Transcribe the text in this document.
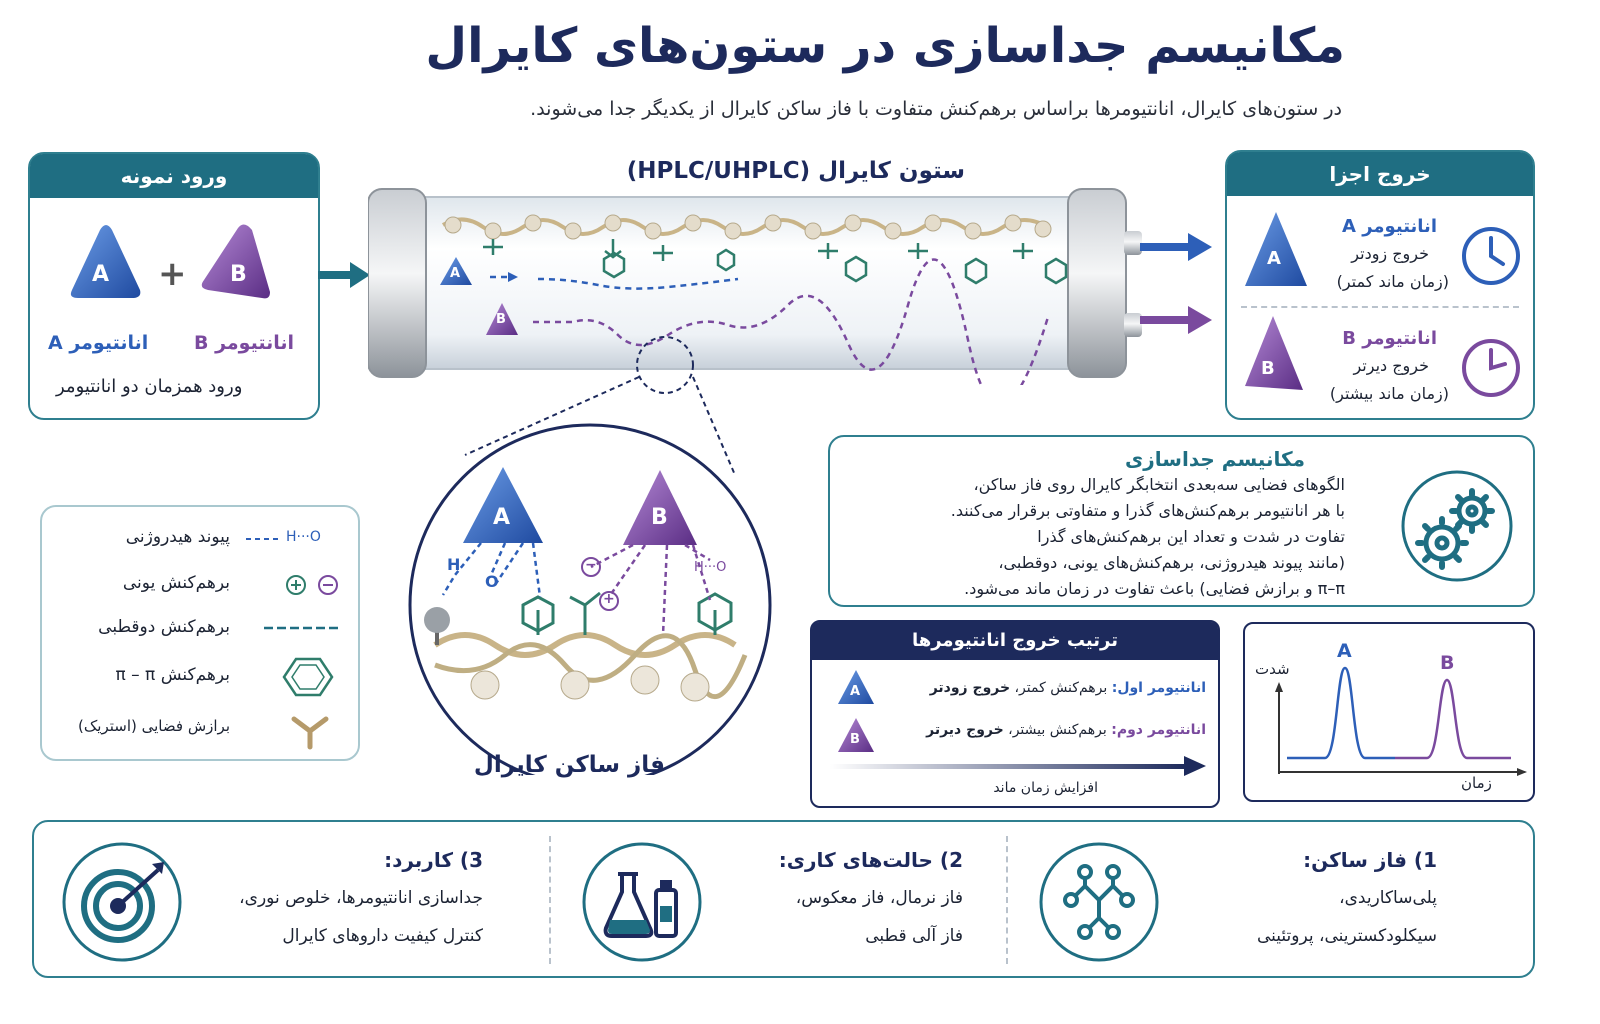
مکانیسم جداسازی در ستون‌های کایرال
در ستون‌های کایرال، انانتیومرها براساس برهم‌کنش متفاوت با فاز ساکن کایرال از یکدیگر جدا می‌شوند.
ورود نمونه
A	B
+
انانتیومر A انانتیومر B
ورود همزمان دو انانتیومر
ستون کایرال (HPLC/UHPLC)
A
B
خروج اجزا
A
B
انانتیومر A
خروج زودتر
(زمان ماند کمتر)
انانتیومر B
خروج دیرتر
(زمان ماند بیشتر)
A	B
H
O
−
+
H···O
فاز ساکن کایرال
پیوند هیدروژنی	H···O
برهم‌کنش یونی
برهم‌کنش دوقطبی
برهم‌کنش π – π
برازش فضایی (استریک)
مکانیسم جداسازی
الگوهای فضایی سه‌بعدی انتخابگر کایرال روی فاز ساکن،
با هر انانتیومر برهم‌کنش‌های گذرا و متفاوتی برقرار می‌کنند.
تفاوت در شدت و تعداد این برهم‌کنش‌های گذرا
(مانند پیوند هیدروژنی، برهم‌کنش‌های یونی، دوقطبی،
π–π و برازش فضایی) باعث تفاوت در زمان ماند می‌شود.
ترتیب خروج انانتیومرها
A
B
انانتیومر اول: برهم‌کنش کمتر، خروج زودتر
انانتیومر دوم: برهم‌کنش بیشتر، خروج دیرتر
افزایش زمان ماند
A
B
شدت
زمان
1) فاز ساکن:
پلی‌ساکاریدی،
سیکلودکسترینی، پروتئینی
2) حالت‌های کاری:
فاز نرمال، فاز معکوس،
فاز آلی قطبی
3) کاربرد:
جداسازی انانتیومرها، خلوص نوری،
کنترل کیفیت داروهای کایرال
